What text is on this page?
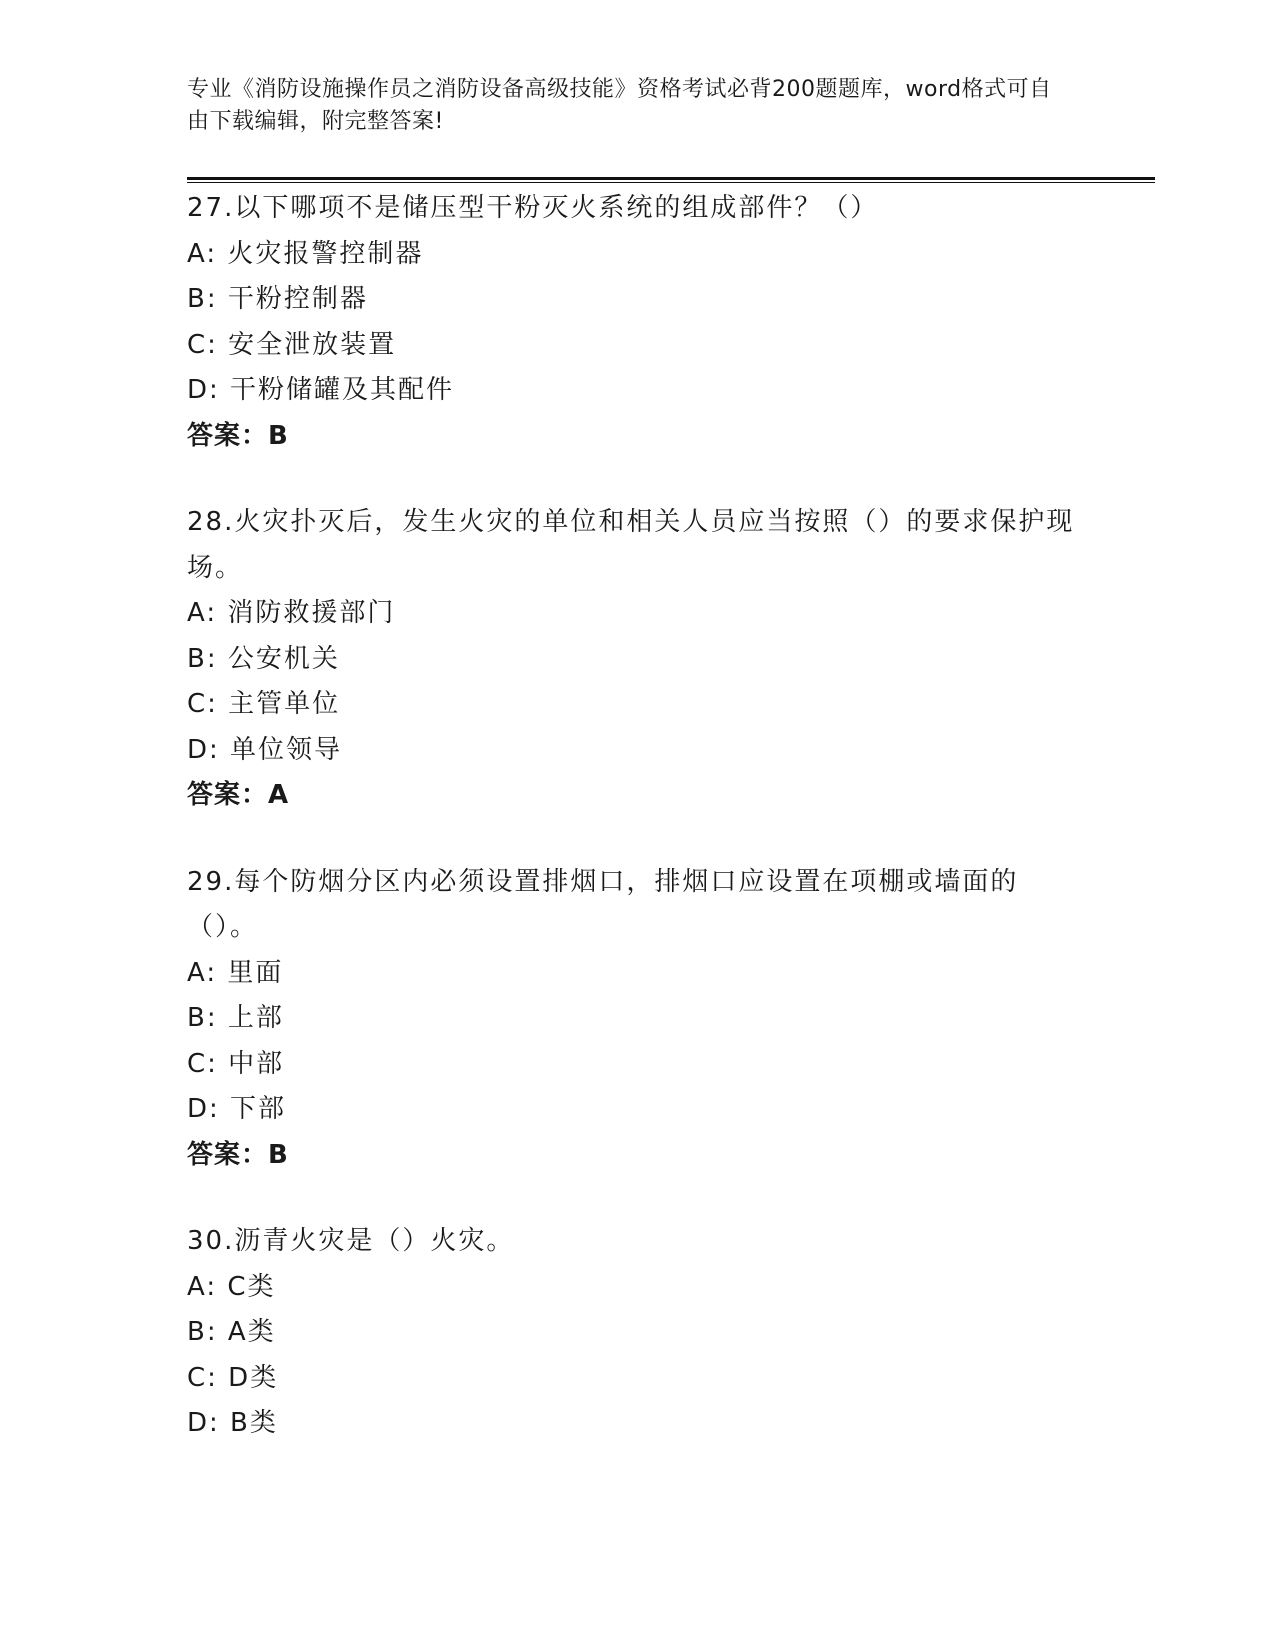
专业《消防设施操作员之消防设备高级技能》资格考试必背200题题库，word格式可自由下载编辑，附完整答案!

27.以下哪项不是储压型干粉灭火系统的组成部件？（）

A: 火灾报警控制器

B: 干粉控制器

C: 安全泄放装置

D: 干粉储罐及其配件

答案：B

28.火灾扑灭后，发生火灾的单位和相关人员应当按照（）的要求保护现场。

A: 消防救援部门

B: 公安机关

C: 主管单位

D: 单位领导

答案：A

29.每个防烟分区内必须设置排烟口，排烟口应设置在项棚或墙面的（）。

A: 里面

B: 上部

C: 中部

D: 下部

答案：B

30.沥青火灾是（）火灾。

A: C类

B: A类

C: D类

D: B类
